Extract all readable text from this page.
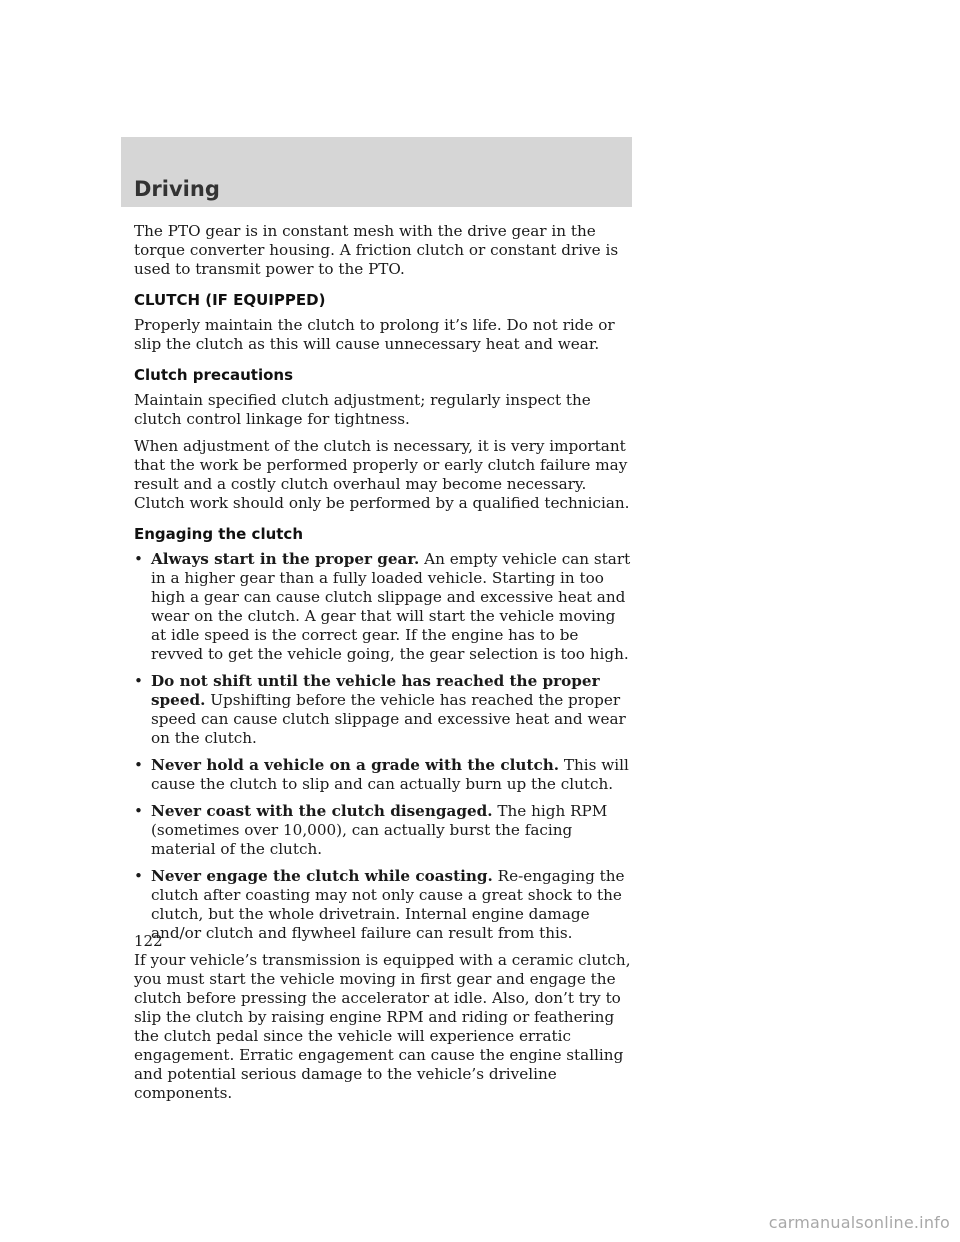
Driving

The PTO gear is in constant mesh with the drive gear in the torque converter housing. A friction clutch or constant drive is used to transmit power to the PTO.

CLUTCH (IF EQUIPPED)

Properly maintain the clutch to prolong it’s life. Do not ride or slip the clutch as this will cause unnecessary heat and wear.

Clutch precautions

Maintain specified clutch adjustment; regularly inspect the clutch control linkage for tightness.

When adjustment of the clutch is necessary, it is very important that the work be performed properly or early clutch failure may result and a costly clutch overhaul may become necessary. Clutch work should only be performed by a qualified technician.

Engaging the clutch
• Always start in the proper gear. An empty vehicle can start in a higher gear than a fully loaded vehicle. Starting in too high a gear can cause clutch slippage and excessive heat and wear on the clutch. A gear that will start the vehicle moving at idle speed is the correct gear. If the engine has to be revved to get the vehicle going, the gear selection is too high.
• Do not shift until the vehicle has reached the proper speed. Upshifting before the vehicle has reached the proper speed can cause clutch slippage and excessive heat and wear on the clutch.
• Never hold a vehicle on a grade with the clutch. This will cause the clutch to slip and can actually burn up the clutch.
• Never coast with the clutch disengaged. The high RPM (sometimes over 10,000), can actually burst the facing material of the clutch.
• Never engage the clutch while coasting. Re-engaging the clutch after coasting may not only cause a great shock to the clutch, but the whole drivetrain. Internal engine damage and/or clutch and flywheel failure can result from this.

If your vehicle’s transmission is equipped with a ceramic clutch, you must start the vehicle moving in first gear and engage the clutch before pressing the accelerator at idle. Also, don’t try to slip the clutch by raising engine RPM and riding or feathering the clutch pedal since the vehicle will experience erratic engagement. Erratic engagement can cause the engine stalling and potential serious damage to the vehicle’s driveline components.

122
carmanualsonline.info
